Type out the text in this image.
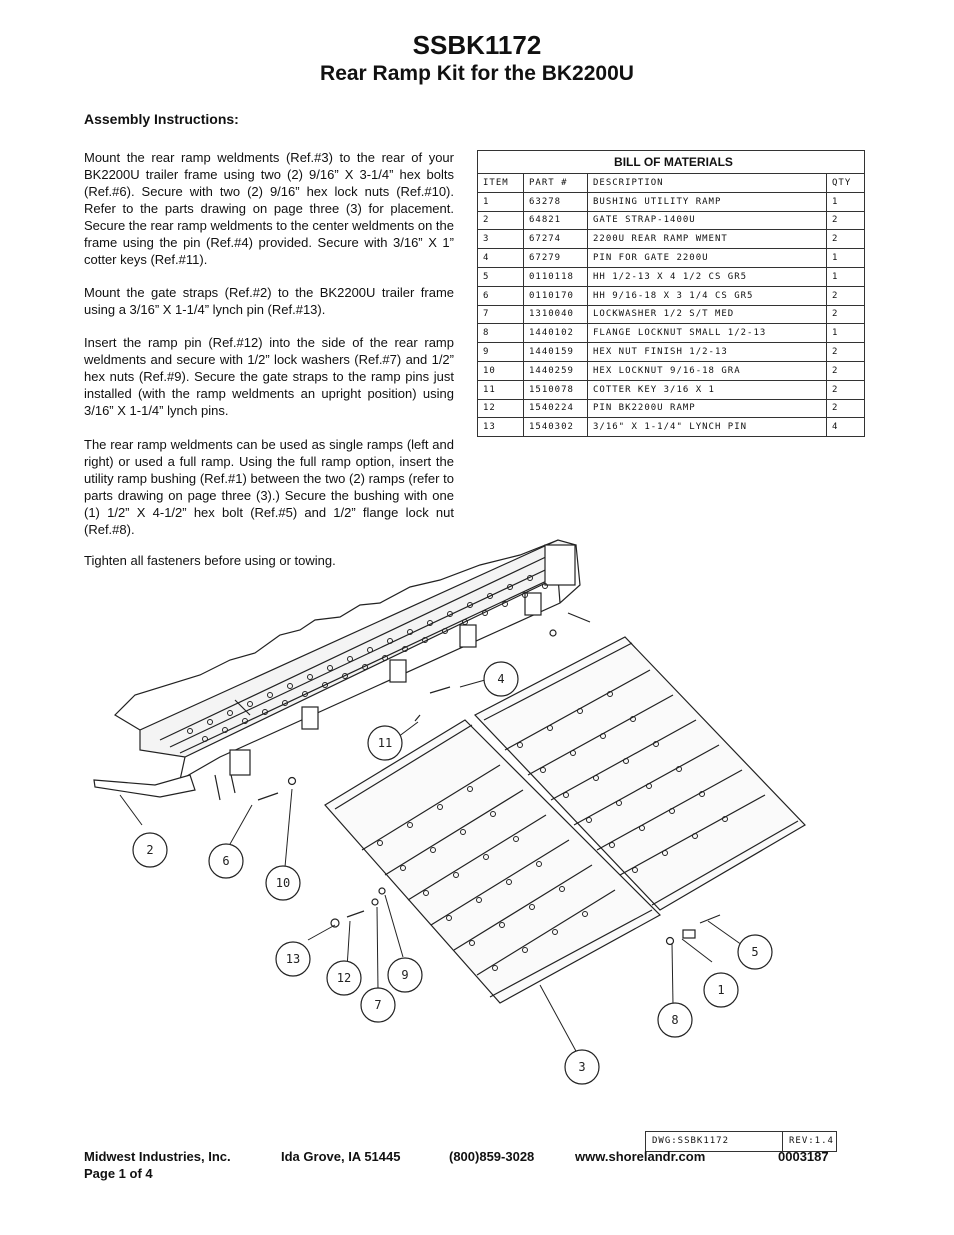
SSBK1172
Rear Ramp Kit for the BK2200U
Assembly Instructions:

Mount the rear ramp weldments (Ref.#3) to the rear of your BK2200U trailer frame using two (2) 9/16” X 3-1/4” hex bolts (Ref.#6). Secure with two (2) 9/16” hex lock nuts (Ref.#10). Refer to the parts drawing on page three (3) for placement. Secure the rear ramp weldments to the center weldments on the frame using the pin (Ref.#4) provided. Secure with 3/16” X 1” cotter keys (Ref.#11).

Mount the gate straps (Ref.#2) to the BK2200U trailer frame using a 3/16” X 1-1/4” lynch pin (Ref.#13).

Insert the ramp pin (Ref.#12) into the side of the rear ramp weldments and secure with 1/2” lock washers (Ref.#7) and 1/2” hex nuts (Ref.#9). Secure the gate straps to the ramp pins just installed (with the ramp weldments an upright position) using 3/16” X 1-1/4” lynch pins.

The rear ramp weldments can be used as single ramps (left and right) or used a full ramp. Using the full ramp option, insert the utility ramp bushing (Ref.#1) between the two (2) ramps (refer to parts drawing on page three (3).) Secure the bushing with one (1) 1/2” X 4-1/2” hex bolt (Ref.#5) and 1/2” flange lock nut (Ref.#8).

Tighten all fasteners before using or towing.

BILL OF MATERIALS			
ITEM	PART #	DESCRIPTION	QTY
1	63278	BUSHING UTILITY RAMP	1
2	64821	GATE STRAP-1400U	2
3	67274	2200U REAR RAMP WMENT	2
4	67279	PIN FOR GATE 2200U	1
5	0110118	HH 1/2-13 X 4 1/2 CS GR5	1
6	0110170	HH 9/16-18 X 3 1/4 CS GR5	2
7	1310040	LOCKWASHER 1/2 S/T MED	2
8	1440102	FLANGE LOCKNUT SMALL 1/2-13	1
9	1440159	HEX NUT FINISH 1/2-13	2
10	1440259	HEX LOCKNUT 9/16-18 GRA	2
11	1510078	COTTER KEY 3/16 X 1	2
12	1540224	PIN BK2200U RAMP	2
13	1540302	3/16" X 1-1/4" LYNCH PIN	4
1
2
3
4
5
6
7
8
9
10
11
12
13
DWG:SSBK1172	REV:1.4
Midwest Industries, Inc.	Ida Grove, IA 51445	(800)859-3028	www.shorelandr.com	0003187
Page 1 of 4
